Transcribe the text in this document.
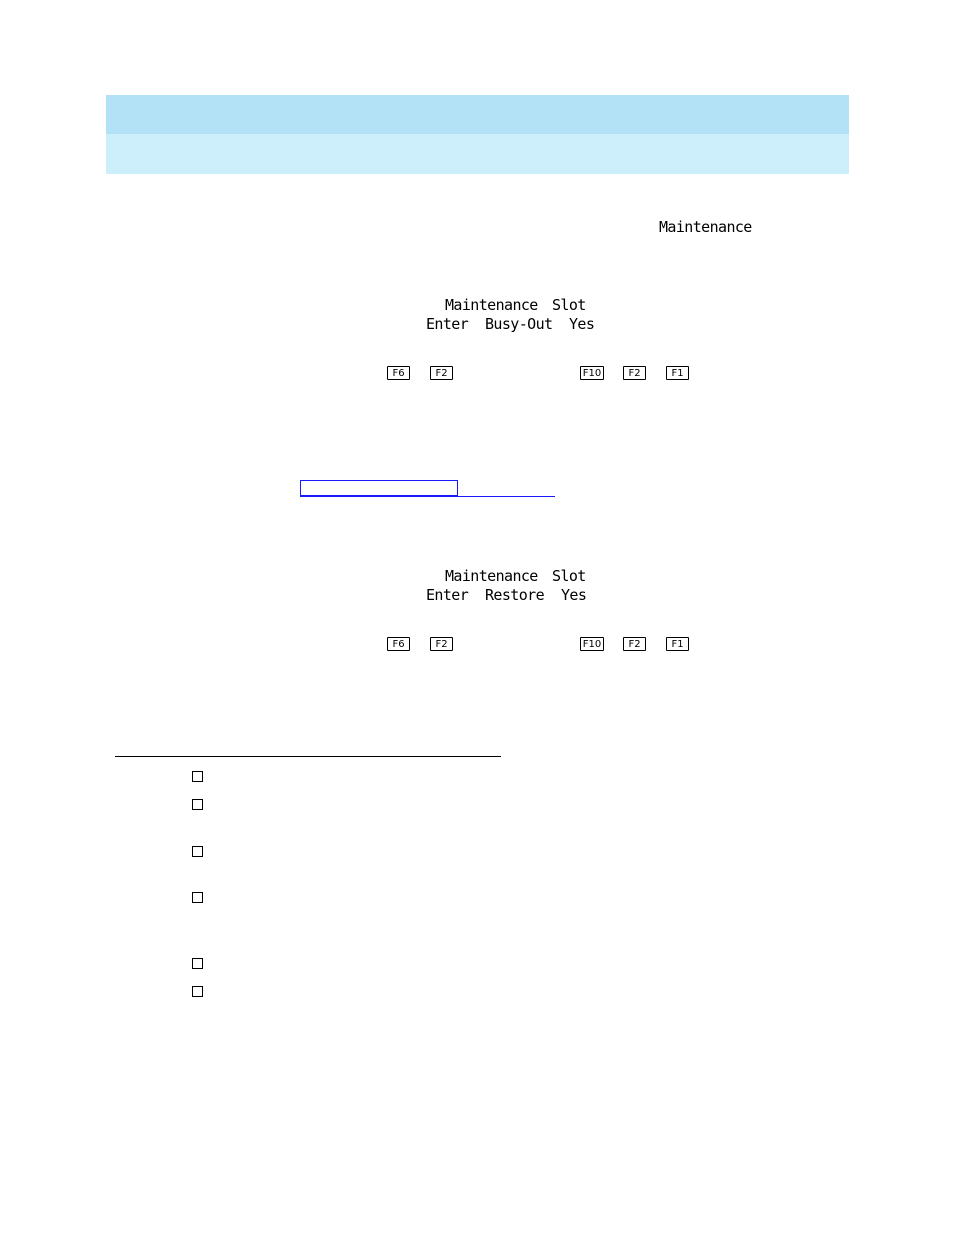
Maintenance
Maintenance Slot
Enter Busy-Out Yes
F6	F2	F10	F2	F1
Maintenance Slot
Enter Restore Yes
F6	F2	F10	F2	F1
